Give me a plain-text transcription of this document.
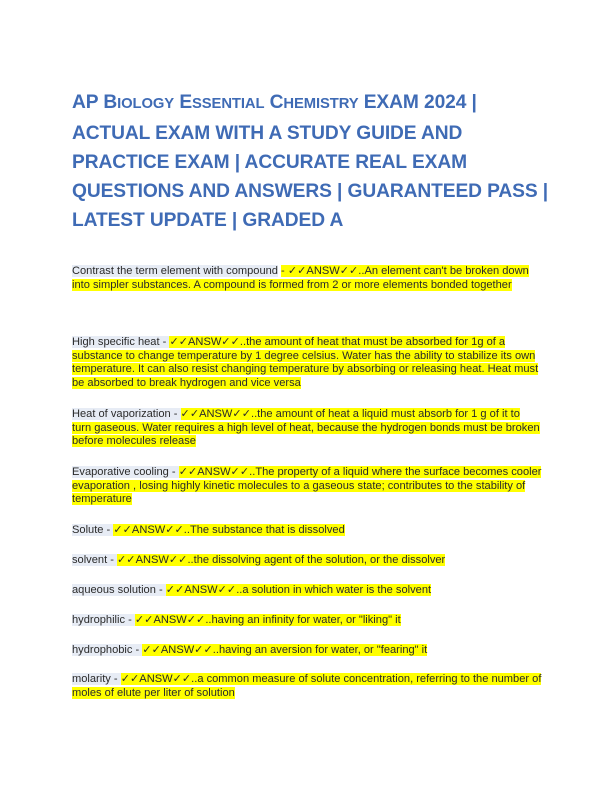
AP BIOLOGY ESSENTIAL CHEMISTRY EXAM 2024 | ACTUAL EXAM WITH A STUDY GUIDE AND PRACTICE EXAM | ACCURATE REAL EXAM QUESTIONS AND ANSWERS | GUARANTEED PASS | LATEST UPDATE | GRADED A

Contrast the term element with compound - ✓✓ANSW✓✓..An element can't be broken down into simpler substances. A compound is formed from 2 or more elements bonded together

High specific heat - ✓✓ANSW✓✓..the amount of heat that must be absorbed for 1g of a substance to change temperature by 1 degree celsius. Water has the ability to stabilize its own temperature. It can also resist changing temperature by absorbing or releasing heat. Heat must be absorbed to break hydrogen and vice versa

Heat of vaporization - ✓✓ANSW✓✓..the amount of heat a liquid must absorb for 1 g of it to turn gaseous. Water requires a high level of heat, because the hydrogen bonds must be broken before molecules release

Evaporative cooling - ✓✓ANSW✓✓..The property of a liquid where the surface becomes cooler evaporation , losing highly kinetic molecules to a gaseous state; contributes to the stability of temperature

Solute - ✓✓ANSW✓✓..The substance that is dissolved

solvent - ✓✓ANSW✓✓..the dissolving agent of the solution, or the dissolver

aqueous solution - ✓✓ANSW✓✓..a solution in which water is the solvent

hydrophilic - ✓✓ANSW✓✓..having an infinity for water, or "liking" it

hydrophobic - ✓✓ANSW✓✓..having an aversion for water, or "fearing" it

molarity - ✓✓ANSW✓✓..a common measure of solute concentration, referring to the number of moles of elute per liter of solution
